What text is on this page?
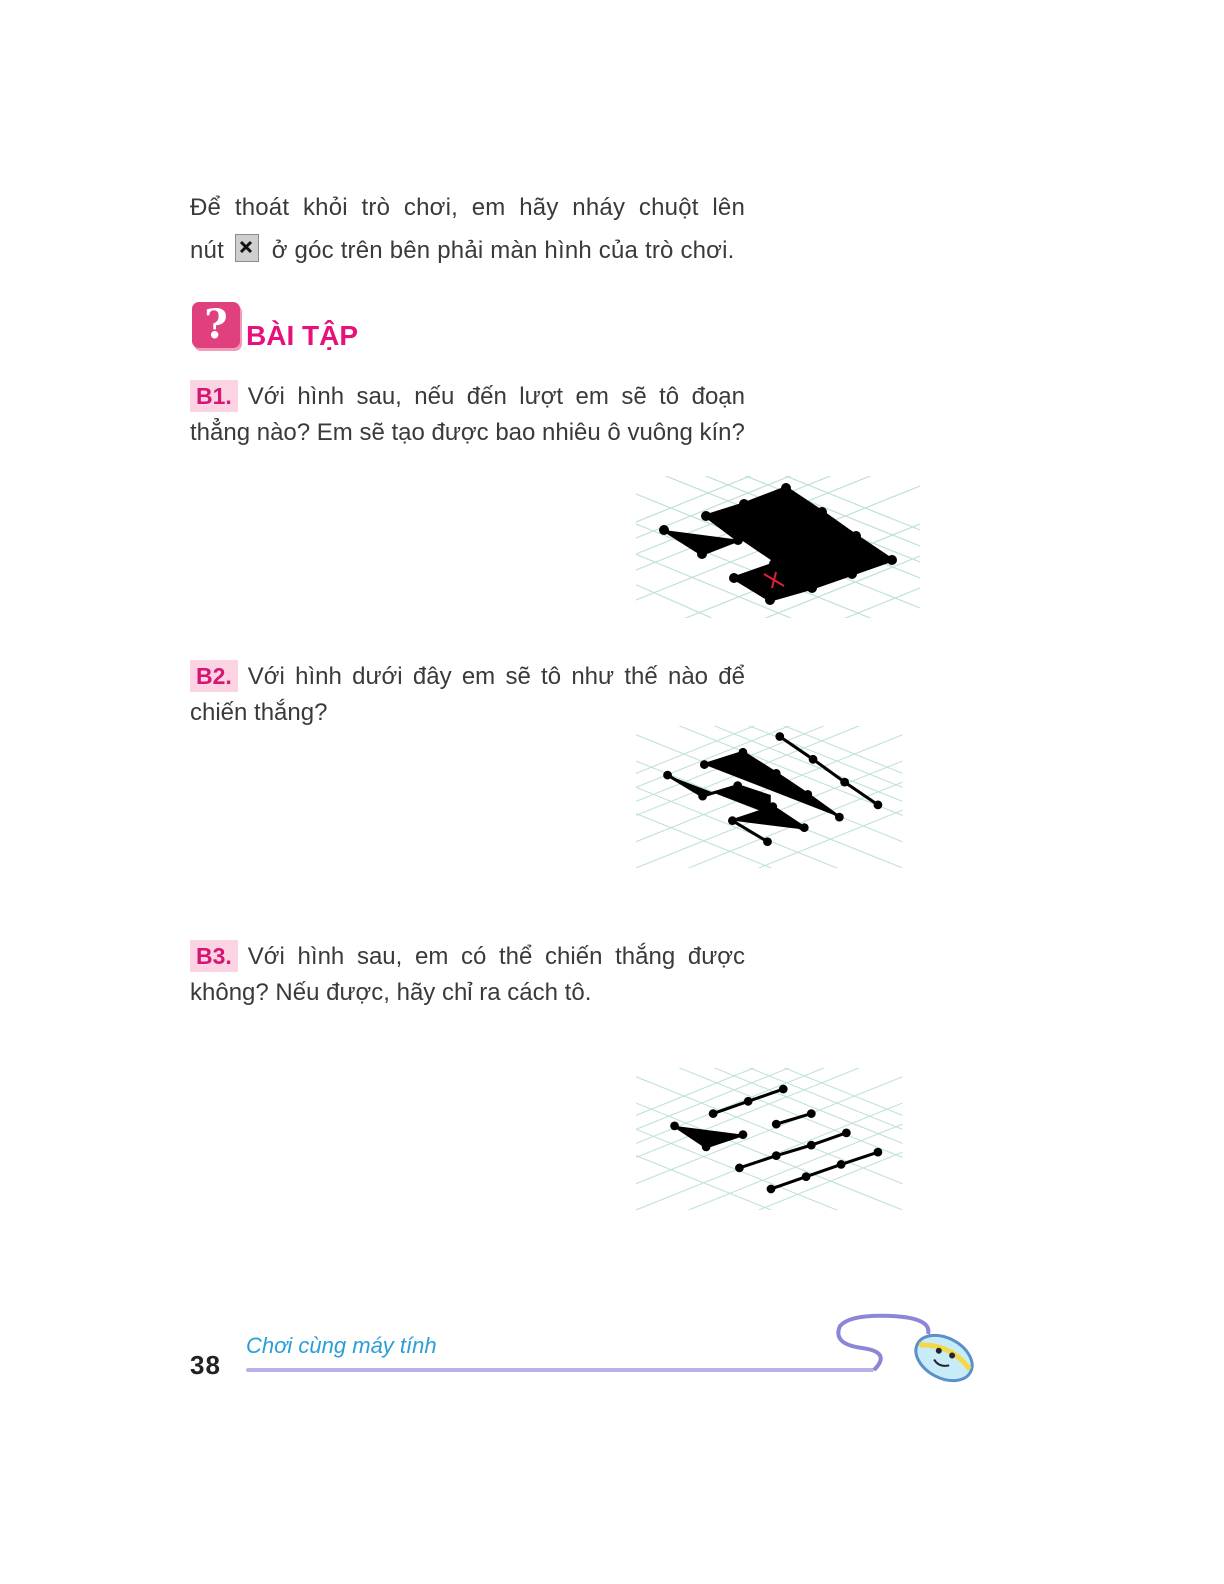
Để thoát khỏi trò chơi, em hãy nháy chuột lên
nút ở góc trên bên phải màn hình của trò chơi.
? BÀI TẬP
B1. Với hình sau, nếu đến lượt em sẽ tô đoạn
thẳng nào? Em sẽ tạo được bao nhiêu ô vuông kín?
B2. Với hình dưới đây em sẽ tô như thế nào để
chiến thắng?
B3. Với hình sau, em có thể chiến thắng được
không? Nếu được, hãy chỉ ra cách tô.
38
Chơi cùng máy tính
